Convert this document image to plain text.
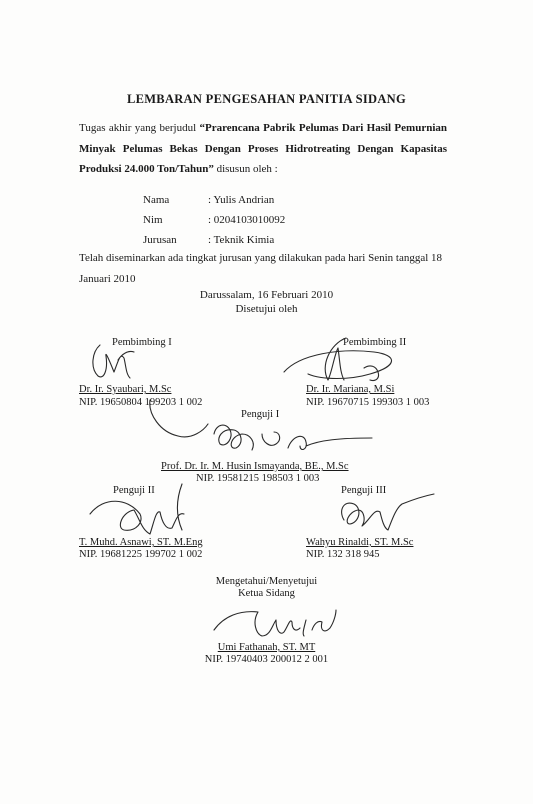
LEMBARAN PENGESAHAN PANITIA SIDANG
Tugas akhir yang berjudul “Prarencana Pabrik Pelumas Dari Hasil Pemurnian Minyak Pelumas Bekas Dengan Proses Hidrotreating Dengan Kapasitas Produksi 24.000 Ton/Tahun” disusun oleh :
Nama	: Yulis Andrian
Nim	: 0204103010092
Jurusan	: Teknik Kimia
Telah diseminarkan ada tingkat jurusan yang dilakukan pada hari Senin tanggal 18 Januari 2010
Darussalam, 16 Februari 2010
Disetujui oleh
Pembimbing I
Dr. Ir. Syaubari, M.Sc
NIP. 19650804 199203 1 002
Pembimbing II
Dr. Ir. Mariana, M.Si
NIP. 19670715 199303 1 003
Penguji I
Prof. Dr. Ir. M. Husin Ismayanda, BE., M.Sc
NIP. 19581215 198503 1 003
Penguji II
T. Muhd. Asnawi, ST. M.Eng
NIP. 19681225 199702 1 002
Penguji III
Wahyu Rinaldi, ST. M.Sc
NIP. 132 318 945
Mengetahui/Menyetujui
Ketua Sidang
Umi Fathanah, ST. MT
NIP. 19740403 200012 2 001
